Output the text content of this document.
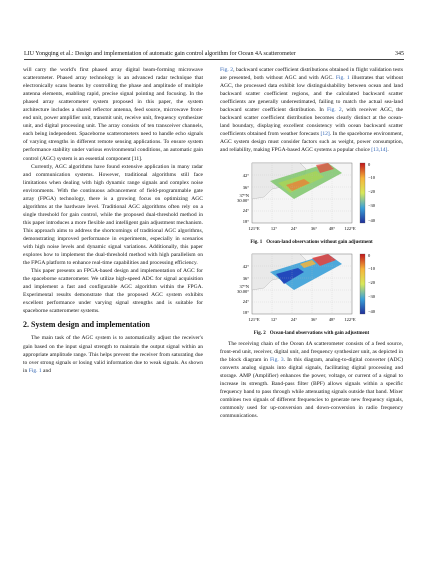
LIU Yongqing et al.: Design and implementation of automatic gain control algorithm for Ocean 4A scatterometer	345

will carry the world's first phased array digital beam-forming microwave scatterometer. Phased array technology is an advanced radar technique that electronically scans beams by controlling the phase and amplitude of multiple antenna elements, enabling rapid, precise signal pointing and focusing. In the phased array scatterometer system proposed in this paper, the system architecture includes a shared reflector antenna, feed source, microwave front-end unit, power amplifier unit, transmit unit, receive unit, frequency synthesizer unit, and digital processing unit. The array consists of ten transceiver channels, each being independent. Spaceborne scatterometers need to handle echo signals of varying strengths in different remote sensing applications. To ensure system performance stability under various environmental conditions, an automatic gain control (AGC) system is an essential component [11].

Currently, AGC algorithms have found extensive application in many radar and communication systems. However, traditional algorithms still face limitations when dealing with high dynamic range signals and complex noise environments. With the continuous advancement of field-programmable gate array (FPGA) technology, there is a growing focus on optimizing AGC algorithms at the hardware level. Traditional AGC algorithms often rely on a single threshold for gain control, while the proposed dual-threshold method in this paper introduces a more flexible and intelligent gain adjustment mechanism. This approach aims to address the shortcomings of traditional AGC algorithms, demonstrating improved performance in experiments, especially in scenarios with high noise levels and dynamic signal variations. Additionally, this paper explores how to implement the dual-threshold method with high parallelism on the FPGA platform to enhance real-time capabilities and processing efficiency.

This paper presents an FPGA-based design and implementation of AGC for the spaceborne scatterometer. We utilize high-speed ADC for signal acquisition and implement a fast and configurable AGC algorithm within the FPGA. Experimental results demonstrate that the proposed AGC system exhibits excellent performance under varying signal strengths and is suitable for spaceborne scatterometer systems.

2. System design and implementation

The main task of the AGC system is to automatically adjust the receiver's gain based on the input signal strength to maintain the output signal within an appropriate amplitude range. This helps prevent the receiver from saturating due to over strong signals or losing valid information due to weak signals. As shown in Fig. 1 and

Fig. 2, backward scatter coefficient distributions obtained in flight validation tests are presented, both without AGC and with AGC. Fig. 1 illustrates that without AGC, the processed data exhibit low distinguishability between ocean and land backward scatter coefficient regions, and the calculated backward scatter coefficients are generally underestimated, failing to match the actual sea-land backward scatter coefficient distribution. In Fig. 2, with receiver AGC, the backward scatter coefficient distribution becomes clearly distinct at the ocean-land boundary, displaying excellent consistency with ocean backward scatter coefficients obtained from weather forecasts [12]. In the spaceborne environment, AGC system design must consider factors such as weight, power consumption, and reliability, making FPGA-based AGC systems a popular choice [13,14].

42°
36°
37°N
30.00°
24°
18°
121°E 12°	24°	36°	48° 122°E
0
−10
−20
−30
−40
Fig. 1 Ocean-land observations without gain adjustment
42°
36°
37°N
30.00°
24°
18°
121°E 12°	24°	36°	48° 122°E
0
−10
−20
−30
−40
Fig. 2 Ocean-land observations with gain adjustment

The receiving chain of the Ocean 4A scatterometer consists of a feed source, front-end unit, receiver, digital unit, and frequency synthesizer unit, as depicted in the block diagram in Fig. 3. In this diagram, analog-to-digital converter (ADC) converts analog signals into digital signals, facilitating digital processing and storage. AMP (Amplifier) enhances the power, voltage, or current of a signal to increase its strength. Band-pass filter (BPF) allows signals within a specific frequency band to pass through while attenuating signals outside that band. Mixer combines two signals of different frequencies to generate new frequency signals, commonly used for up-conversion and down-conversion in radio frequency communications.
